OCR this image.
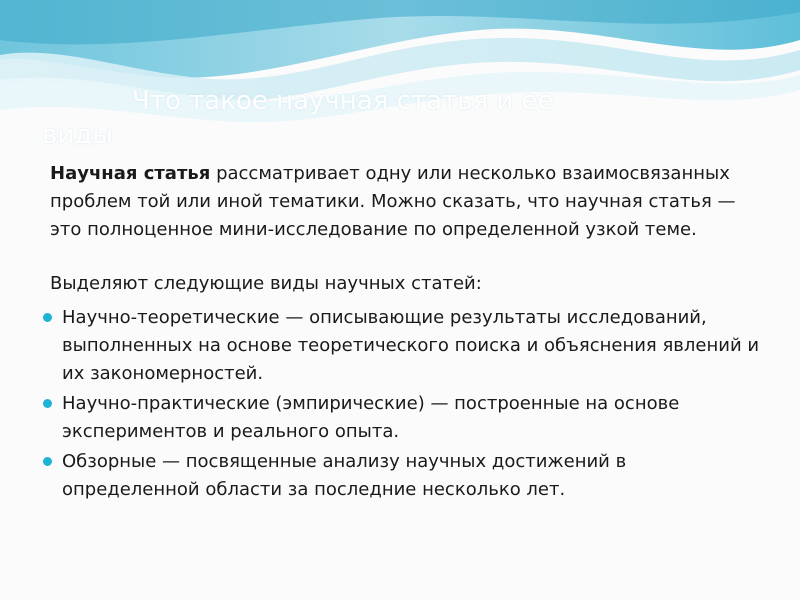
Что такое научная статья и ее
виды

Научная статья рассматривает одну или несколько взаимосвязанных проблем той или иной тематики. Можно сказать, что научная статья — это полноценное мини-исследование по определенной узкой теме.

Выделяют следующие виды научных статей:

Научно-теоретические — описывающие результаты исследований, выполненных на основе теоретического поиска и объяснения явлений и их закономерностей.
Научно-практические (эмпирические) — построенные на основе экспериментов и реального опыта.
Обзорные — посвященные анализу научных достижений в определенной области за последние несколько лет.
